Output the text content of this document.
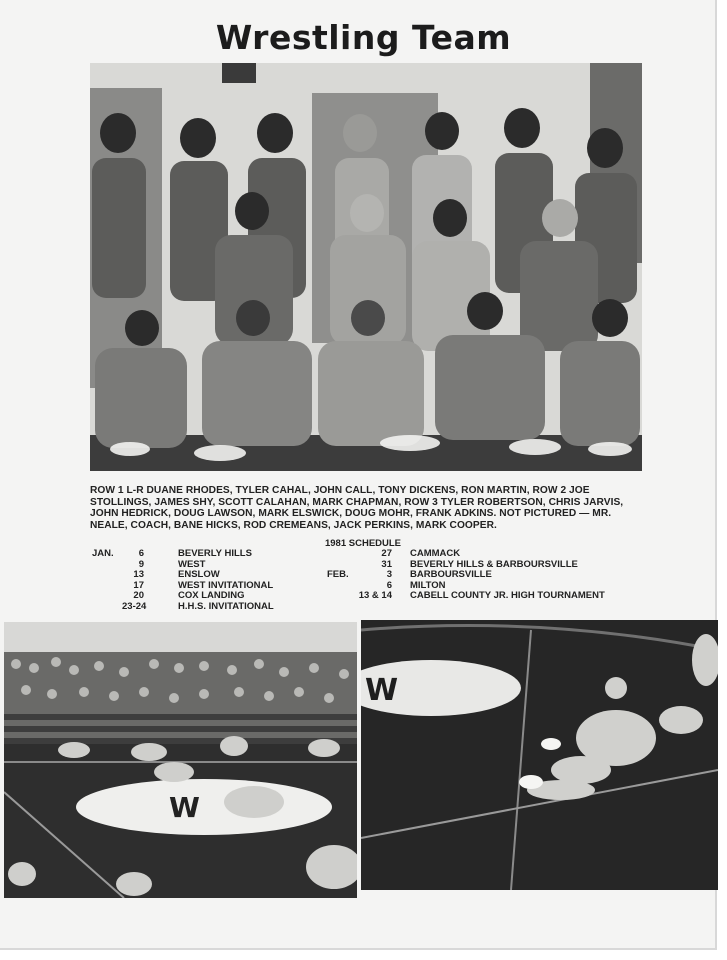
Wrestling Team

ROW 1 L-R DUANE RHODES, TYLER CAHAL, JOHN CALL, TONY DICKENS, RON MARTIN, ROW 2 JOE STOLLINGS, JAMES SHY, SCOTT CALAHAN, MARK CHAPMAN, ROW 3 TYLER ROBERTSON, CHRIS JARVIS, JOHN HEDRICK, DOUG LAWSON, MARK ELSWICK, DOUG MOHR, FRANK ADKINS. NOT PICTURED — MR. NEALE, COACH, BANE HICKS, ROD CREMEANS, JACK PERKINS, MARK COOPER.

1981 SCHEDULE
JAN.	6	BEVERLY HILLS
9	WEST
13	ENSLOW
17	WEST INVITATIONAL
20	COX LANDING
23-24	H.H.S. INVITATIONAL
27 CAMMACK
31 BEVERLY HILLS & BARBOURSVILLE
FEB.	3 BARBOURSVILLE
6 MILTON
13 & 14 CABELL COUNTY JR. HIGH TOURNAMENT
W
W
